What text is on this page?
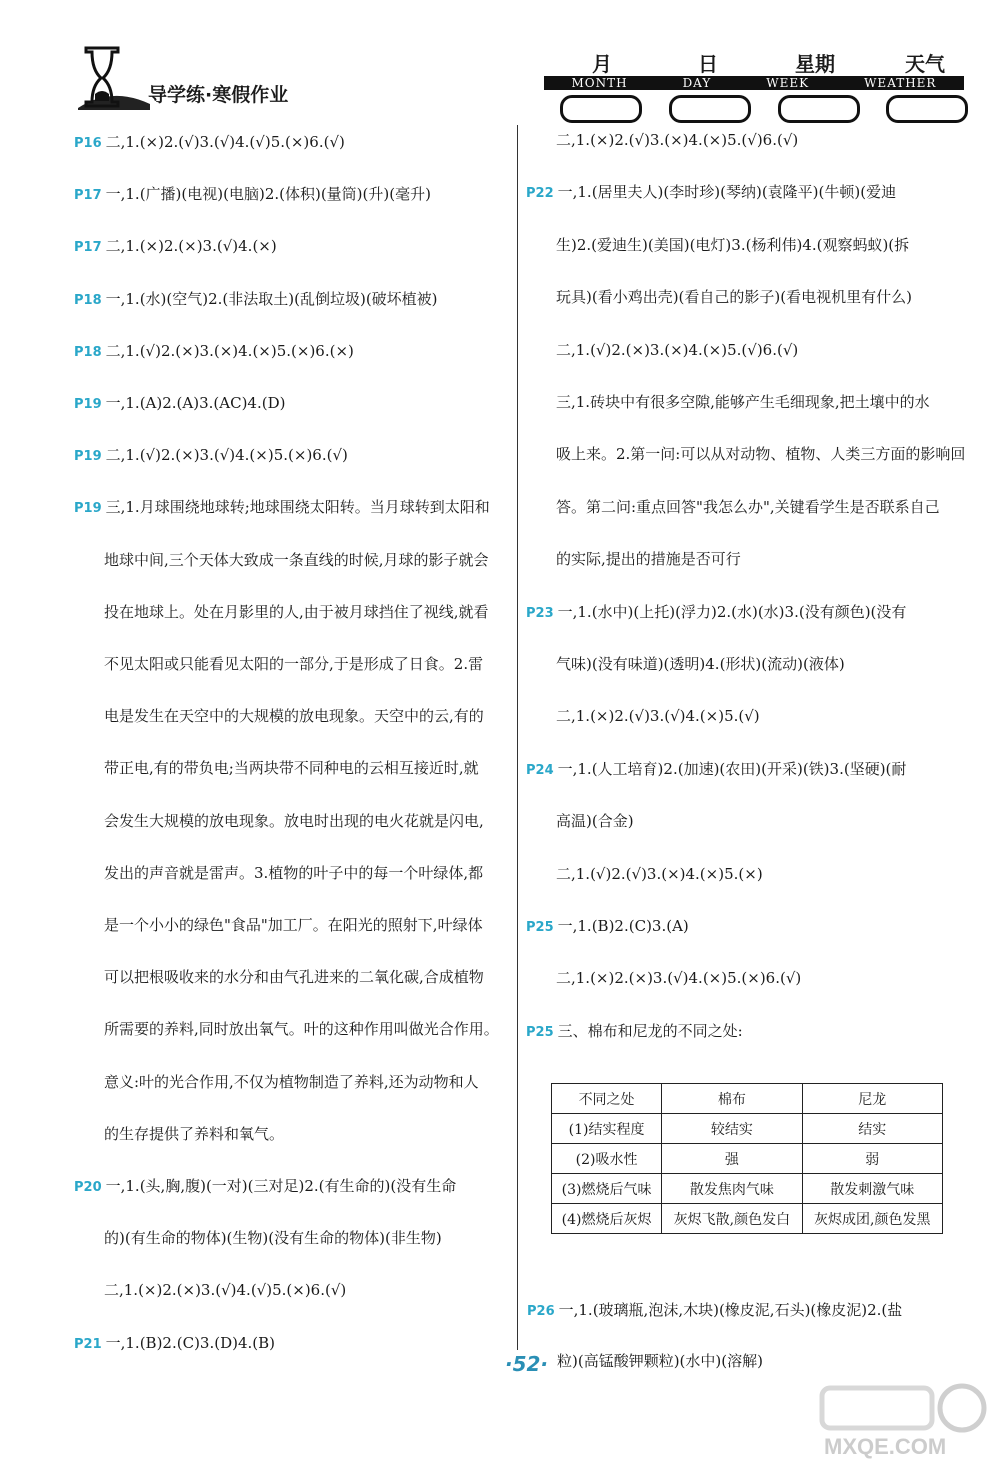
导学练·寒假作业
月	日	星期	天气
MONTH	DAY	WEEK	WEATHER
P16 二,1.(×)2.(√)3.(√)4.(√)5.(×)6.(√)
P17 一,1.(广播)(电视)(电脑)2.(体积)(量筒)(升)(毫升)
P17 二,1.(×)2.(×)3.(√)4.(×)
P18 一,1.(水)(空气)2.(非法取土)(乱倒垃圾)(破坏植被)
P18 二,1.(√)2.(×)3.(×)4.(×)5.(×)6.(×)
P19 一,1.(A)2.(A)3.(AC)4.(D)
P19 二,1.(√)2.(×)3.(√)4.(×)5.(×)6.(√)
P19 三,1.月球围绕地球转;地球围绕太阳转。当月球转到太阳和
地球中间,三个天体大致成一条直线的时候,月球的影子就会
投在地球上。处在月影里的人,由于被月球挡住了视线,就看
不见太阳或只能看见太阳的一部分,于是形成了日食。2.雷
电是发生在天空中的大规模的放电现象。天空中的云,有的
带正电,有的带负电;当两块带不同种电的云相互接近时,就
会发生大规模的放电现象。放电时出现的电火花就是闪电,
发出的声音就是雷声。3.植物的叶子中的每一个叶绿体,都
是一个小小的绿色"食品"加工厂。在阳光的照射下,叶绿体
可以把根吸收来的水分和由气孔进来的二氧化碳,合成植物
所需要的养料,同时放出氧气。叶的这种作用叫做光合作用。
意义:叶的光合作用,不仅为植物制造了养料,还为动物和人
的生存提供了养料和氧气。
P20 一,1.(头,胸,腹)(一对)(三对足)2.(有生命的)(没有生命
的)(有生命的物体)(生物)(没有生命的物体)(非生物)
二,1.(×)2.(×)3.(√)4.(√)5.(×)6.(√)
P21 一,1.(B)2.(C)3.(D)4.(B)
二,1.(×)2.(√)3.(×)4.(×)5.(√)6.(√)
P22 一,1.(居里夫人)(李时珍)(琴纳)(袁隆平)(牛顿)(爱迪
生)2.(爱迪生)(美国)(电灯)3.(杨利伟)4.(观察蚂蚁)(拆
玩具)(看小鸡出壳)(看自己的影子)(看电视机里有什么)
二,1.(√)2.(×)3.(×)4.(×)5.(√)6.(√)
三,1.砖块中有很多空隙,能够产生毛细现象,把土壤中的水
吸上来。2.第一问:可以从对动物、植物、人类三方面的影响回
答。第二问:重点回答"我怎么办",关键看学生是否联系自己
的实际,提出的措施是否可行
P23 一,1.(水中)(上托)(浮力)2.(水)(水)3.(没有颜色)(没有
气味)(没有味道)(透明)4.(形状)(流动)(液体)
二,1.(×)2.(√)3.(√)4.(×)5.(√)
P24 一,1.(人工培育)2.(加速)(农田)(开采)(铁)3.(坚硬)(耐
高温)(合金)
二,1.(√)2.(√)3.(×)4.(×)5.(×)
P25 一,1.(B)2.(C)3.(A)
二,1.(×)2.(×)3.(√)4.(×)5.(×)6.(√)
P25 三、棉布和尼龙的不同之处:
不同之处	棉布	尼龙
(1)结实程度	较结实	结实
(2)吸水性	强	弱
(3)燃烧后气味	散发焦肉气味	散发刺激气味
(4)燃烧后灰烬	灰烬飞散,颜色发白	灰烬成团,颜色发黑
P26 一,1.(玻璃瓶,泡沫,木块)(橡皮泥,石头)(橡皮泥)2.(盐
粒)(高锰酸钾颗粒)(水中)(溶解)
·52·
MXQE.COM
